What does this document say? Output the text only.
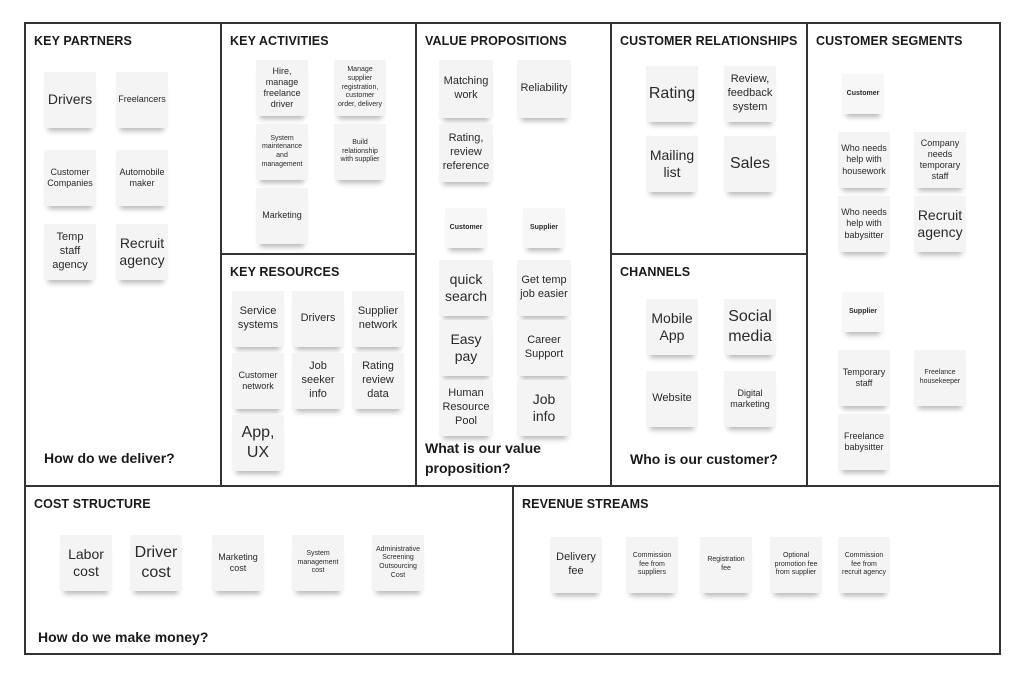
KEY PARTNERS
Drivers	Freelancers
Customer Companies
Automobile maker
Temp staff agency
Recruit agency
How do we deliver?
KEY ACTIVITIES
Hire, manage freelance driver
Manage supplier registration, customer order, delivery
System maintenance and management
Build relationship with supplier
Marketing
KEY RESOURCES
Service systems
Drivers
Supplier network
Customer network
Job seeker info
Rating review data
App, UX
VALUE PROPOSITIONS
Matching work
Reliability
Rating, review reference
Customer	Supplier
quick search
Easy pay
Human Resource Pool
Get temp job easier
Career Support
Job info
What is our value proposition?
CUSTOMER RELATIONSHIPS
Rating
Review, feedback system
Mailing list	Sales
CHANNELS
Mobile App
Social media
Website	Digital marketing
Who is our customer?
CUSTOMER SEGMENTS
Customer
Who needs help with housework
Company needs temporary staff
Who needs help with babysitter
Recruit agency
Supplier
Temporary staff
Freelance housekeeper
Freelance babysitter
COST STRUCTURE
Labor cost
Driver cost
Marketing cost
System management cost
Administrative Screening Outsourcing Cost
How do we make money?
REVENUE STREAMS
Delivery fee
Commission fee from suppliers
Registration fee
Optional promotion fee from supplier
Commission fee from recruit agency
